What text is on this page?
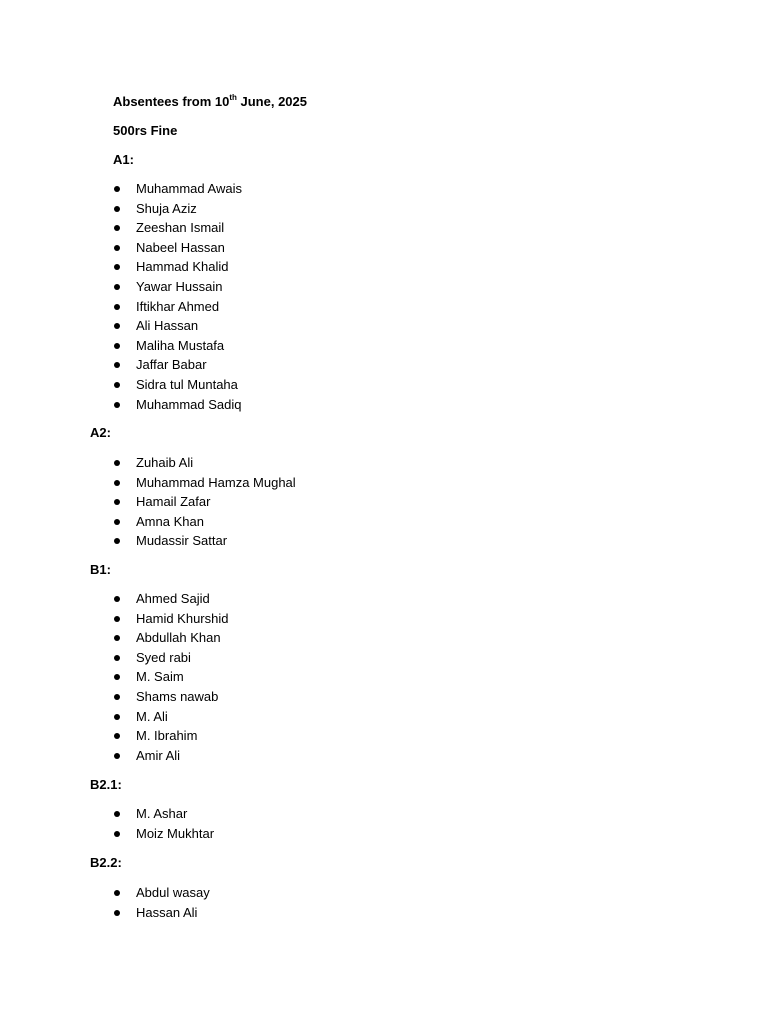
Absentees from 10th June, 2025
500rs Fine
A1:
Muhammad Awais
Shuja Aziz
Zeeshan Ismail
Nabeel Hassan
Hammad Khalid
Yawar Hussain
Iftikhar Ahmed
Ali Hassan
Maliha Mustafa
Jaffar Babar
Sidra tul Muntaha
Muhammad Sadiq
A2:
Zuhaib Ali
Muhammad Hamza Mughal
Hamail Zafar
Amna Khan
Mudassir Sattar
B1:
Ahmed Sajid
Hamid Khurshid
Abdullah Khan
Syed rabi
M. Saim
Shams nawab
M. Ali
M. Ibrahim
Amir Ali
B2.1:
M. Ashar
Moiz Mukhtar
B2.2:
Abdul wasay
Hassan Ali
